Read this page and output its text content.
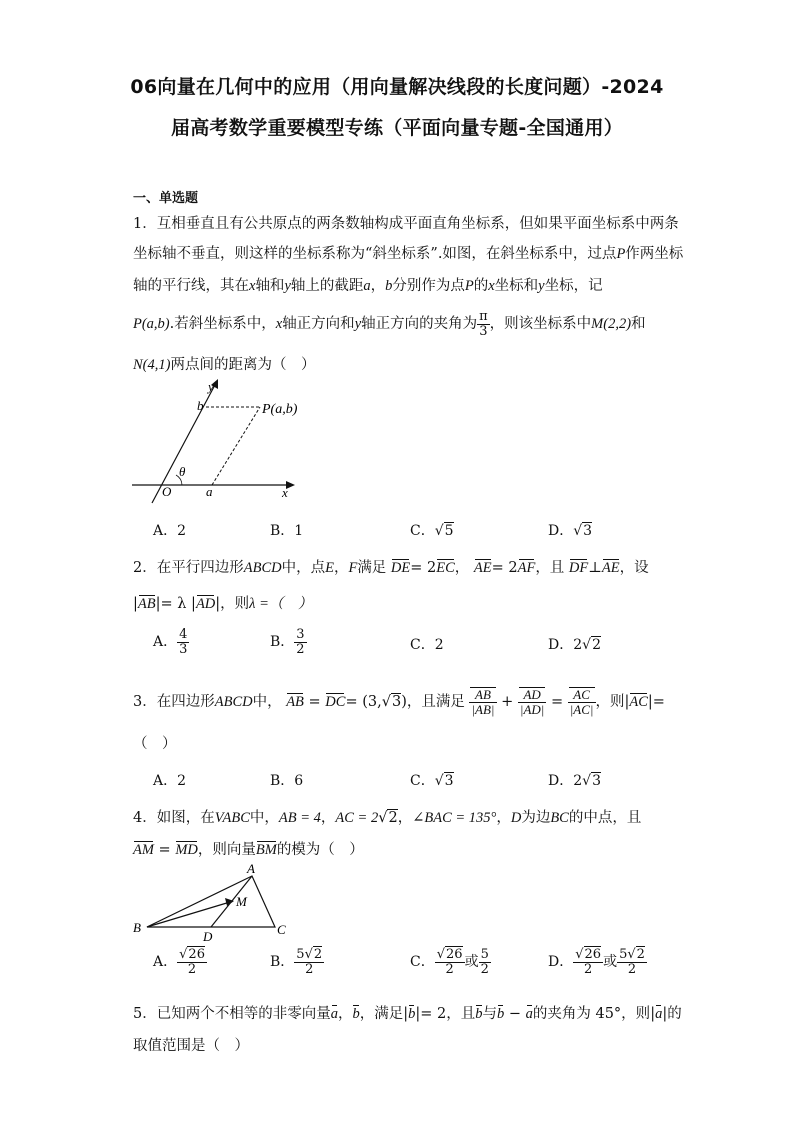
06向量在几何中的应用（用向量解决线段的长度问题）-2024
届高考数学重要模型专练（平面向量专题-全国通用）
一、单选题
1．互相垂直且有公共原点的两条数轴构成平面直角坐标系，但如果平面坐标系中两条
坐标轴不垂直，则这样的坐标系称为“斜坐标系”.如图，在斜坐标系中，过点P作两坐标
轴的平行线，其在x轴和y轴上的截距a，b分别作为点P的x坐标和y坐标，记
P(a,b).若斜坐标系中，x轴正方向和y轴正方向的夹角为 $\frac{\pi}{3}$ ，则该坐标系中M(2,2)和
N(4,1)两点间的距离为（　）
y
b	P(a,b)
θ
O	a	x
A．2	B．1	C．√5	D．√3
2．在平行四边形ABCD中，点E，F满足 DE= 2EC， AE= 2AF，且 DF⊥AE，设
|AB|= λ |AD|，则λ =（　）
A． $\frac{4}{3}$	B． $\frac{3}{2}$	C．2	D．2√2
3．在四边形ABCD中， AB = DC= (3,√3)，且满足 $\frac{AB}{|AB|} + \frac{AD}{|AD|} = \frac{AC}{|AC|}$ ，则|AC|=
（　）
A．2	B．6	C．√3	D．2√3
4．如图，在VABC中，AB = 4，AC = 2√2，∠BAC = 135°，D为边BC的中点，且
AM = MD，则向量BM的模为（　）
A
M
B
D	C
A． $\frac{√26}{2}$	B． $\frac{5√2}{2}$	C． $\frac{√26}{2}$ 或 $\frac{5}{2}$	D． $\frac{√26}{2}$ 或 $\frac{5√2}{2}$
5．已知两个不相等的非零向量a，b，满足|b|= 2，且b与b − a的夹角为 45°，则|a|的
取值范围是（　）
